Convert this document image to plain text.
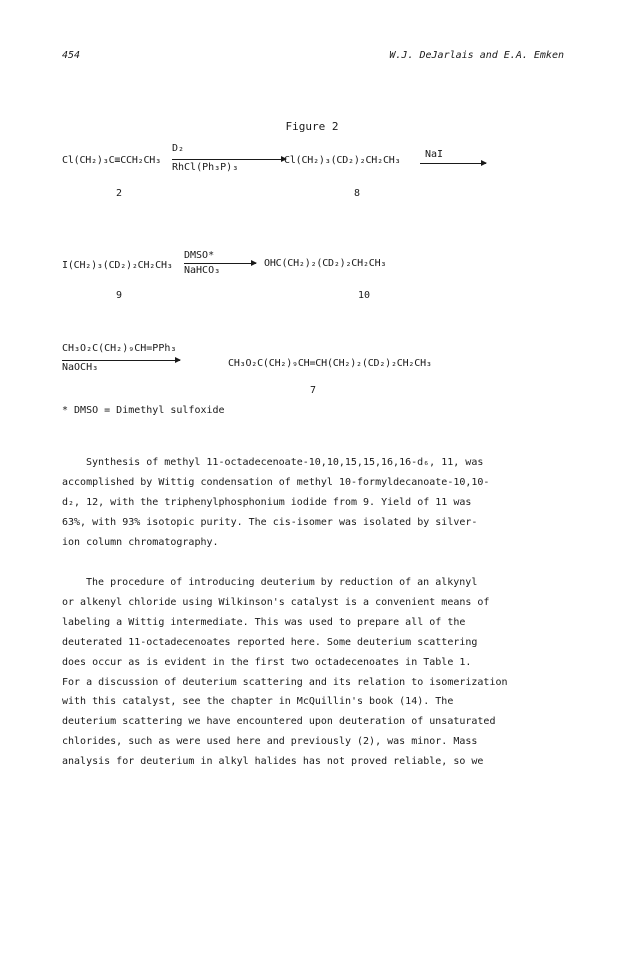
454	W.J. DeJarlais and E.A. Emken
Figure 2
Cl(CH₂)₃C≡CCH₂CH₃
2
D₂
RhCl(Ph₃P)₃
Cl(CH₂)₃(CD₂)₂CH₂CH₃
8
NaI
I(CH₂)₃(CD₂)₂CH₂CH₃
9
DMSO*
NaHCO₃
OHC(CH₂)₂(CD₂)₂CH₂CH₃
10
CH₃O₂C(CH₂)₉CH=PPh₃
NaOCH₃	CH₃O₂C(CH₂)₉CH=CH(CH₂)₂(CD₂)₂CH₂CH₃
7
* DMSO = Dimethyl sulfoxide

Synthesis of methyl 11-octadecenoate-10,10,15,15,16,16-d₆, 11, was

accomplished by Wittig condensation of methyl 10-formyldecanoate-10,10-

d₂, 12, with the triphenylphosphonium iodide from 9. Yield of 11 was

63%, with 93% isotopic purity. The cis-isomer was isolated by silver-

ion column chromatography.

The procedure of introducing deuterium by reduction of an alkynyl

or alkenyl chloride using Wilkinson's catalyst is a convenient means of

labeling a Wittig intermediate. This was used to prepare all of the

deuterated 11-octadecenoates reported here. Some deuterium scattering

does occur as is evident in the first two octadecenoates in Table 1.

For a discussion of deuterium scattering and its relation to isomerization

with this catalyst, see the chapter in McQuillin's book (14). The

deuterium scattering we have encountered upon deuteration of unsaturated

chlorides, such as were used here and previously (2), was minor. Mass

analysis for deuterium in alkyl halides has not proved reliable, so we
